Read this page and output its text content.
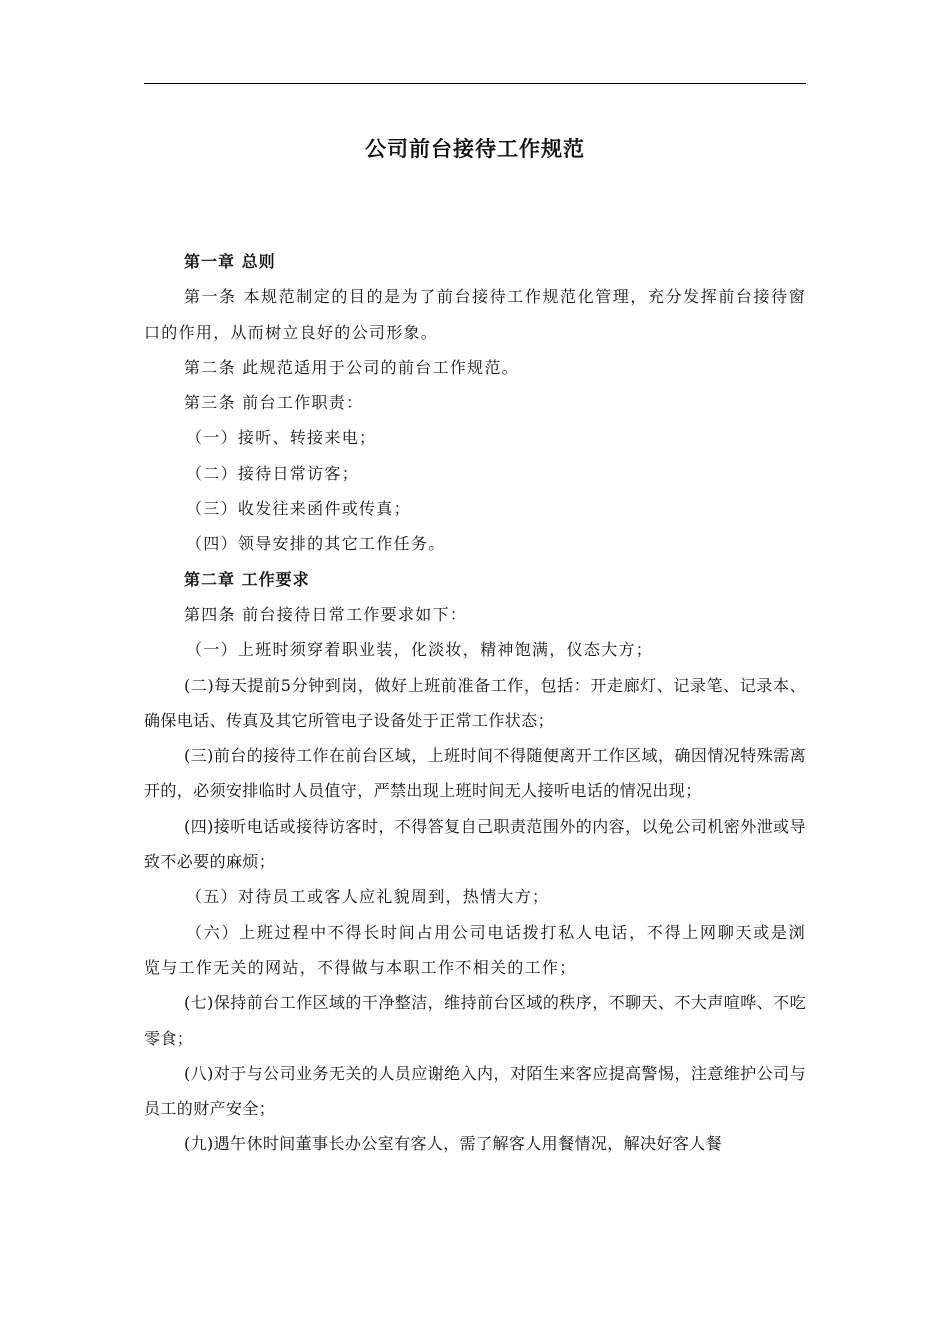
公司前台接待工作规范

第一章 总则

第一条 本规范制定的目的是为了前台接待工作规范化管理，充分发挥前台接待窗口的作用，从而树立良好的公司形象。

第二条 此规范适用于公司的前台工作规范。

第三条 前台工作职责：

（一）接听、转接来电；

（二）接待日常访客；

（三）收发往来函件或传真；

（四）领导安排的其它工作任务。

第二章 工作要求

第四条 前台接待日常工作要求如下：

（一）上班时须穿着职业装，化淡妆，精神饱满，仪态大方；

(二)每天提前5分钟到岗，做好上班前准备工作，包括：开走廊灯、记录笔、记录本、确保电话、传真及其它所管电子设备处于正常工作状态；

(三)前台的接待工作在前台区域，上班时间不得随便离开工作区域，确因情况特殊需离开的，必须安排临时人员值守，严禁出现上班时间无人接听电话的情况出现；

(四)接听电话或接待访客时，不得答复自己职责范围外的内容，以免公司机密外泄或导致不必要的麻烦；

（五）对待员工或客人应礼貌周到，热情大方；

（六）上班过程中不得长时间占用公司电话拨打私人电话，不得上网聊天或是浏览与工作无关的网站，不得做与本职工作不相关的工作；

(七)保持前台工作区域的干净整洁，维持前台区域的秩序，不聊天、不大声喧哗、不吃零食；

(八)对于与公司业务无关的人员应谢绝入内，对陌生来客应提高警惕，注意维护公司与员工的财产安全；

(九)遇午休时间董事长办公室有客人，需了解客人用餐情况，解决好客人餐
